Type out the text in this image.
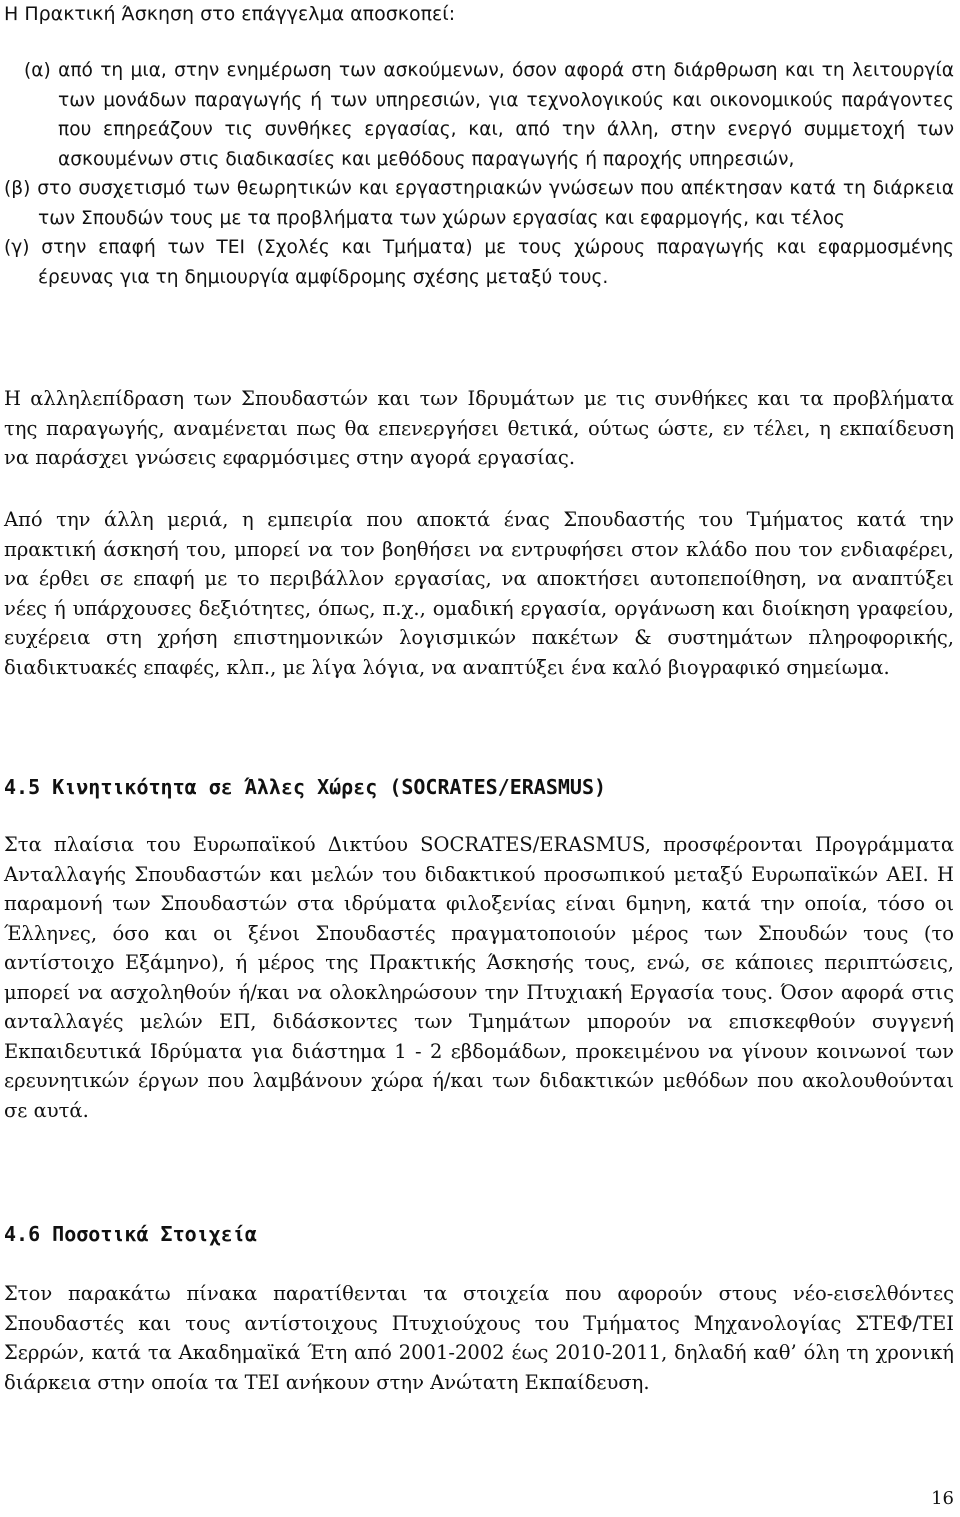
Η Πρακτική Άσκηση στο επάγγελμα αποσκοπεί:

(α) από τη μια, στην ενημέρωση των ασκούμενων, όσον αφορά στη διάρθρωση και τη λειτουργία των μονάδων παραγωγής ή των υπηρεσιών, για τεχνολογικούς και οικονομικούς παράγοντες που επηρεάζουν τις συνθήκες εργασίας, και, από την άλλη, στην ενεργό συμμετοχή των ασκουμένων στις διαδικασίες και μεθόδους παραγωγής ή παροχής υπηρεσιών,

(β) στο συσχετισμό των θεωρητικών και εργαστηριακών γνώσεων που απέκτησαν κατά τη διάρκεια των Σπουδών τους με τα προβλήματα των χώρων εργασίας και εφαρμογής, και τέλος

(γ) στην επαφή των ΤΕΙ (Σχολές και Τμήματα) με τους χώρους παραγωγής και εφαρμοσμένης έρευνας για τη δημιουργία αμφίδρομης σχέσης μεταξύ τους.

Η αλληλεπίδραση των Σπουδαστών και των Ιδρυμάτων με τις συνθήκες και τα προβλήματα της παραγωγής, αναμένεται πως θα επενεργήσει θετικά, ούτως ώστε, εν τέλει, η εκπαίδευση να παράσχει γνώσεις εφαρμόσιμες στην αγορά εργασίας.

Από την άλλη μεριά, η εμπειρία που αποκτά ένας Σπουδαστής του Τμήματος κατά την πρακτική άσκησή του, μπορεί να τον βοηθήσει να εντρυφήσει στον κλάδο που τον ενδιαφέρει, να έρθει σε επαφή με το περιβάλλον εργασίας, να αποκτήσει αυτοπεποίθηση, να αναπτύξει νέες ή υπάρχουσες δεξιότητες, όπως, π.χ., ομαδική εργασία, οργάνωση και διοίκηση γραφείου, ευχέρεια στη χρήση επιστημονικών λογισμικών πακέτων & συστημάτων πληροφορικής, διαδικτυακές επαφές, κλπ., με λίγα λόγια, να αναπτύξει ένα καλό βιογραφικό σημείωμα.

4.5 Κινητικότητα σε Άλλες Χώρες (SOCRATES/ERASMUS)

Στα πλαίσια του Ευρωπαϊκού Δικτύου SOCRATES/ERASMUS, προσφέρονται Προγράμματα Ανταλλαγής Σπουδαστών και μελών του διδακτικού προσωπικού μεταξύ Ευρωπαϊκών ΑΕΙ. Η παραμονή των Σπουδαστών στα ιδρύματα φιλοξενίας είναι 6μηνη, κατά την οποία, τόσο οι Έλληνες, όσο και οι ξένοι Σπουδαστές πραγματοποιούν μέρος των Σπουδών τους (το αντίστοιχο Εξάμηνο), ή μέρος της Πρακτικής Άσκησής τους, ενώ, σε κάποιες περιπτώσεις, μπορεί να ασχοληθούν ή/και να ολοκληρώσουν την Πτυχιακή Εργασία τους. Όσον αφορά στις ανταλλαγές μελών ΕΠ, διδάσκοντες των Τμημάτων μπορούν να επισκεφθούν συγγενή Εκπαιδευτικά Ιδρύματα για διάστημα 1 - 2 εβδομάδων, προκειμένου να γίνουν κοινωνοί των ερευνητικών έργων που λαμβάνουν χώρα ή/και των διδακτικών μεθόδων που ακολουθούνται σε αυτά.

4.6 Ποσοτικά Στοιχεία

Στον παρακάτω πίνακα παρατίθενται τα στοιχεία που αφορούν στους νέο-εισελθόντες Σπουδαστές και τους αντίστοιχους Πτυχιούχους του Τμήματος Μηχανολογίας ΣΤΕΦ/ΤΕΙ Σερρών, κατά τα Ακαδημαϊκά Έτη από 2001-2002 έως 2010-2011, δηλαδή καθ’ όλη τη χρονική διάρκεια στην οποία τα ΤΕΙ ανήκουν στην Ανώτατη Εκπαίδευση.

16
